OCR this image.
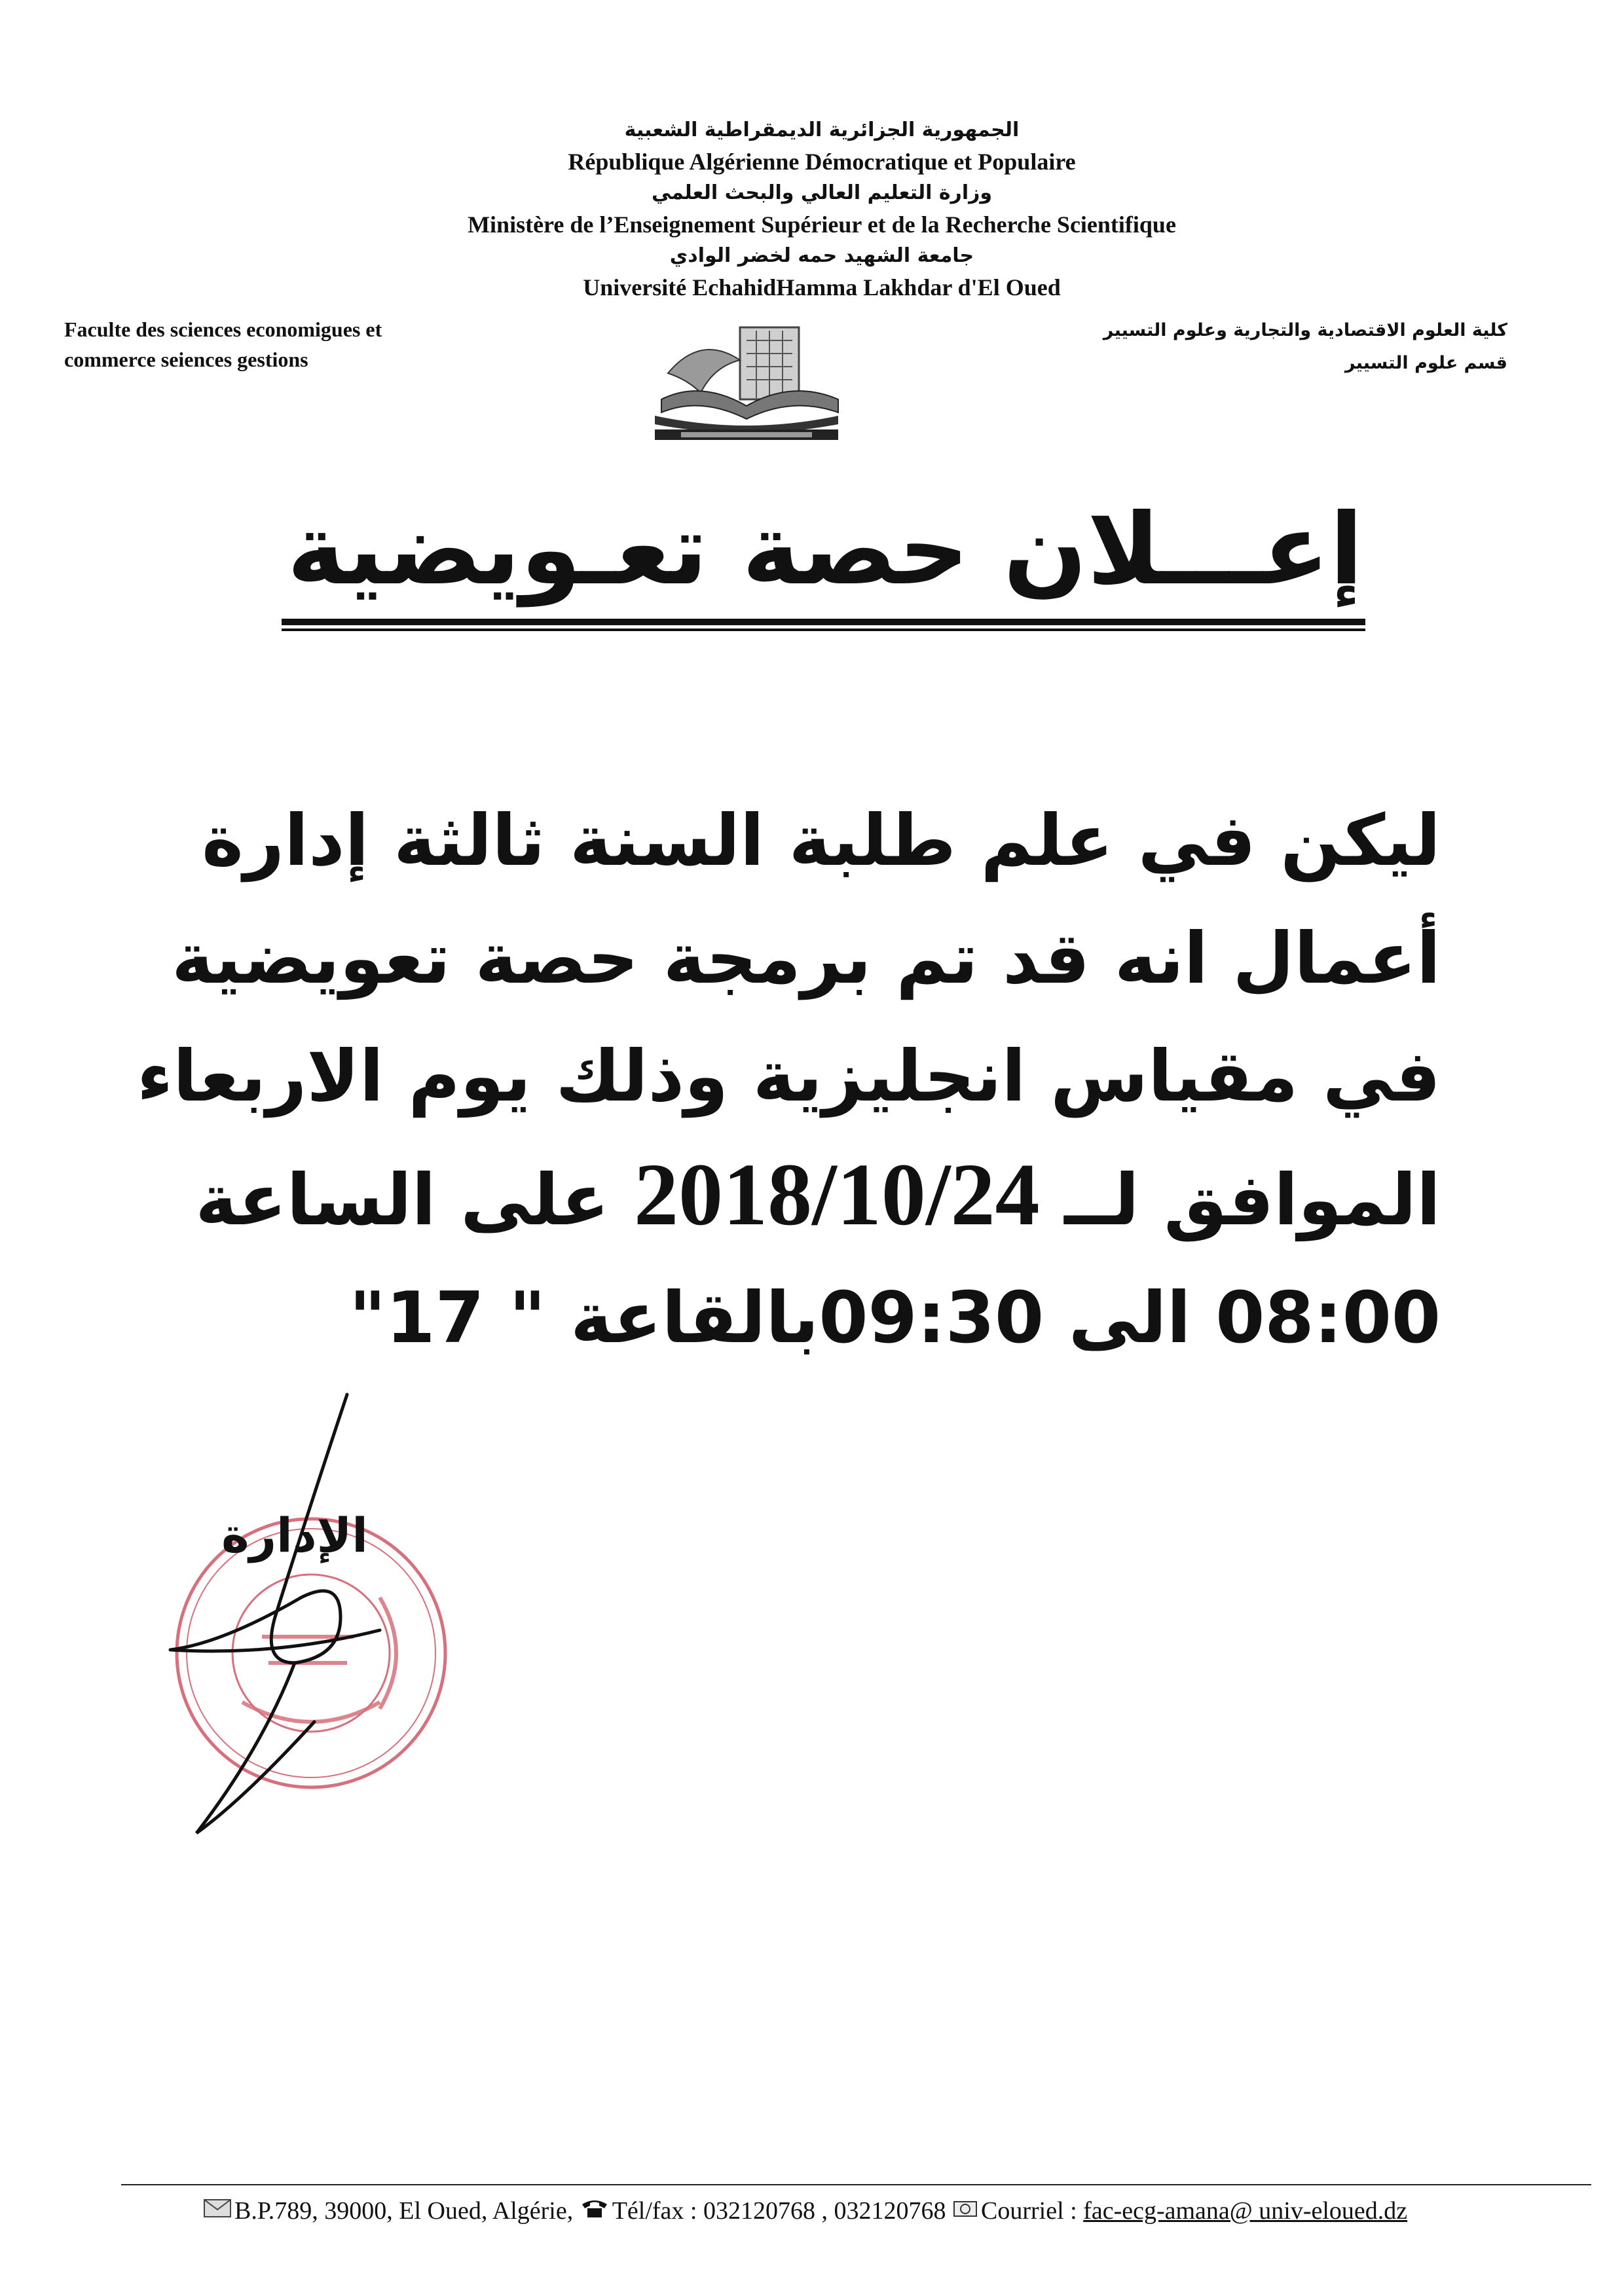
الجمهورية الجزائرية الديمقراطية الشعبية
République Algérienne Démocratique et Populaire
وزارة التعليم العالي والبحث العلمي
Ministère de l’Enseignement Supérieur et de la Recherche Scientifique
جامعة الشهيد حمه لخضر الوادي
Université EchahidHamma Lakhdar d'El Oued
Faculte des sciences economigues et
commerce seiences gestions
كلية العلوم الاقتصادية والتجارية وعلوم التسيير
قسم علوم التسيير
إعـــلان حصة تعـويضية
ليكن في علم طلبة السنة ثالثة إدارة
أعمال انه قد تم برمجة حصة تعويضية
في مقياس انجليزية وذلك يوم الاربعاء
الموافق لــ 2018/10/24 على الساعة
08:00 الى 09:30بالقاعة " 17"
الإدارة
B.P.789, 39000, El Oued, Algérie, Tél/fax : 032120768 , 032120768 Courriel : fac-ecg-amana@ univ-eloued.dz
